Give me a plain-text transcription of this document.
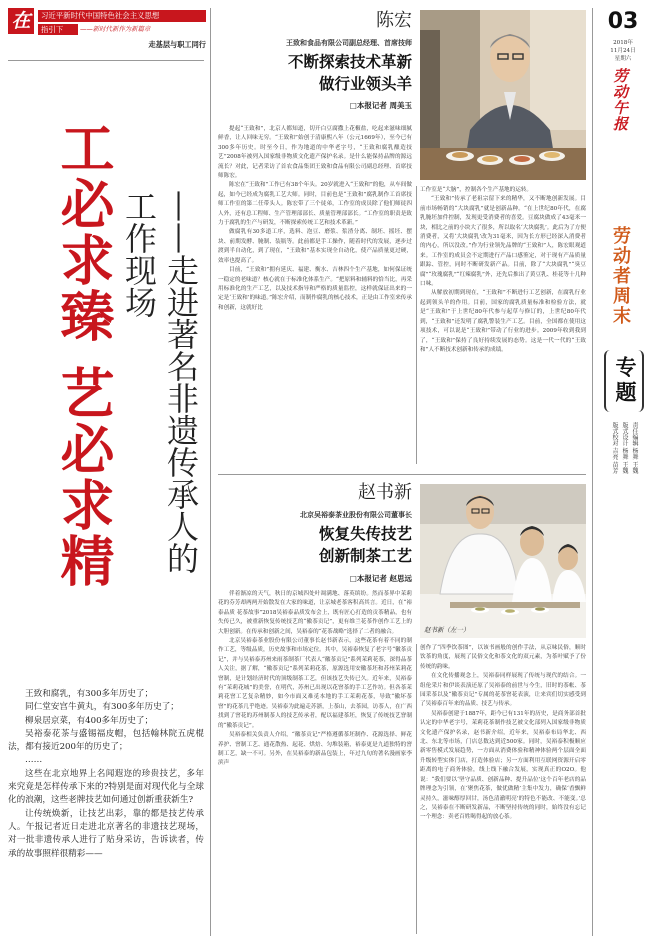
在	习近平新时代中国特色社会主义思想
指引下	——新时代新作为新篇章
走基层与职工同行
工必求臻 艺必求精	——走进著名非遗传承人的工作现场

王致和腐乳，有300多年历史了；

同仁堂安宫牛黄丸，有300多年历史了；

柳泉居京菜，有400多年历史了；

吴裕泰花茶与盛锡福皮帽，包括翰林院五虎棍法，都有接近200年的历史了；

……

这些在北京地界上名闻遐迩的珍贵技艺，多年来究竟是怎样传承下来的?特别是面对现代化与全球化的浪潮，这些老牌技艺如何通过创新重获新生?

让传统焕新，让技艺出彩，靠的都是技艺传承人。午报记者近日走进北京著名的非遗技艺现场，对一批非遗传承人进行了贴身采访，告诉读者，传承的故事照样很精彩——

陈宏
王致和食品有限公司副总经理、首席技师
不断探索技术革新
做行业领头羊
□本报记者 周美玉

提起“王致和”，北京人都知道，切开白豆腐撒上花椒盐，吃起来滋味细腻鲜香，让人回味无穷。“王致和”始创于清康熙八年（公元1669年），至今已有300多年历史。时至今日，作为地道的中华老字号，“王致和腐乳酿造技艺”2008年被列入国家级非物质文化遗产保护名录。是什么能保持品牌的源远流长？对此，记者采访了首农食品集团王致和食品有限公司副总经理、首席技师陈宏。

陈宏在“王致和”工作已有38个年头。20岁就进入“王致和”的他，从车间做起，如今已经成为腐乳工艺大师。同时，目前也是“王致和”腐乳制作工首席技师工作室的第二任带头人。陈宏带了三个徒弟，工作室的成员除了他们师徒四人外，还有总工程师、生产管理部部长、质量管理部部长。“工作室的职责是致力于腐乳的生产与研发，不断探索传统工艺和技术革新。”

做腐乳有30多道工序，选料、泡豆、磨浆、浆渣分离、制坯、摇坯、摆块、前期发酵、腌制、装瓶等。此前都是手工操作，随着时代的发展，逐步过渡到半自动化，到了现在，“王致和”基本实现全自动化，使产品质量更过硬，效率也提高了。

目前，“王致和”拥有延庆、福建、衡水、吉林四个生产基地，如何保证统一稳定的老味道？核心就在于标准化体系生产。“把原料和辅料的恰当比，再采用标准化的生产工艺，以及技术指导和严格的质量监控，这样就保证出来的一定是‘王致和’的味道。”陈宏介绍，而制作腐乳的核心技术，正是由工作室来传承和创新，这就好比

工作室是“大脑”，控制各个生产基地的运转。

“王致和”传承了老祖宗留下来的精华，又不断地创新发展。目前市场畅销的“大块腐乳”就是创新品种。“在上世纪80年代，在腐乳腌坯加件控制，发现更受消费者的喜爱。豆腐块做成了43毫米一块，相比之前的小块大了很多，所以取名‘大块腐乳’。此后为了方便消费者，又将‘大块腐乳’改为31毫米，因为长方形已经深入消费者的内心，所以没改。”作为行业领先品牌的“王致和”人，陈宏眼观道来。工作室的成员会不定期进行产品口感鉴定，对于现有产品质量跟踪、管控，同时不断研发新产品。目前，除了“大块腐乳”“臭豆腐”“玫瑰腐乳”“红辣腐乳”外，还先后推出了黄豆乳、桂花等十几种口味。

从解放初期到现在，“王致和”不断进行工艺创新，在腐乳行业起到领头羊的作用。目前，国家的腐乳质量标准和检验方法，就是“王致和”于上世纪80年代参与起草与修订的，上世纪80年代到，“王致和”还发明了腐乳警装生产工艺。目前，全国都在使用这项技术，可以说是“王致和”带动了行业的进步。2009年收到我到了，“王致和”保持了良好持续发展的态势。这是一代一代的“王致和”人不断技术创新和传承的成绩。

赵书新
北京吴裕泰茶业股份有限公司董事长
恢复失传技艺
创新制茶工艺
□本报记者 赵思远
赵书新（左一）

伴着渐凉的天气，秋日的京城四处叶凋满地、落英缤纷。然而茶界中茉莉花的芬芳却两两开始散发在大家的味道，让京城老茶客积高其言。近日，在“裕泰品质 花茶故事”2018吴裕泰品质发布会上，既有匠心打造的贡茶精品，也有失传已久，被重新恢复传统技艺的“徽茶贡记”，更有维兰花茶作创作工艺上的大胆创新。在传承和创新之间，吴裕泰的“花茶战略”选择了二者的融合。

北京吴裕泰茶业股份有限公司董事长赵书新表示，这些花茶有着不同的制作工艺，等级品质，历史故事和市场定位。其中，吴裕泰恢复了老字号“徽茶贡记”，并与吴裕泰苏州来雨茶制茶厂代表人“徽茶贡记”系列茉莉花茶，深得品茶人关注，据了解，“徽茶贡记”系列茉莉花茶，原源选用安徽茶坯和苏州茉莉花窨制，是计划经济时代的顶级制茶工艺，但该技艺失传已久。近年来，吴裕泰有“茉莉花城”的美誉，在明代，苏州已出现以花窨茶的手工艺作坊。但各茶茉莉花窨工艺复杂精妙，如今市面又难觅本地的手工茉莉花茶，导致“徽坏茶窨”的花茶几乎绝迹。吴裕泰为此遍走苏浙，上茶山，去茶园，访茶人，在广西找到了窨花的苏州制茶人的技艺传承者，配以福建茶坯，恢复了传统技艺窨制的“徽茶贡记”。

吴裕泰相关负责人介绍，“徽茶贡记”严格遵循茶坯制作、花源选择、鲜花养护、窨制工艺、通花散热、起花、烘焙、匀堆装箱，裕泰更是九道独特的窨制工艺，缺一不可。另外，在吴裕泰的新品包装上，年过九旬的著名漫画家李滨声

创作了“四季饮茶图”，以该书画般的创作手法，从京味民俗，顺时饮茶的角度，展现了民俗文化和茶文化的双元素，为茶叶赋予了份传统的韵味。

在文化传播观念上，吴裕泰同样展现了传统与现代的结合。一组伦采片和伊谈表演还原了吴裕泰的前世与今生，旧时的茶帐、茶园采茶以及“徽茶贡记”专属的花茶窨花表演，让来宾们切实感受到了吴裕泰百年来的品质、技艺与传承。

吴裕泰创建于1887年，距今已有131年的历史，是商务部首批认定的中华老字号，茉莉花茶制作技艺被文化部列入国家级非物质文化遗产保护名录，赵书新介绍，近年来，吴裕泰布局华北、西北、东北等市场，门店总数达到近500家。同时，吴裕泰积极顺应新零售模式发展趋势，一方面从消费体验和精神体验两个层面全面升级转型实体门店，打造体验店；另一方面利用互联网资源开启零距离的电子商务体验，线上线下融合发展，实现真正的O2O。他说：“我们要以‘坚守品质、创新品种、提升品位’这个百年老店的品牌理念为引领，在‘聚焦花茶，做优做精’主集中发力，确保‘香飘鲜灵持久，滋味醇厚回甘，汤色清澈明亮’的特色不能改、不能变。’总之，吴裕泰在不断研发新品，不断坚持传统的同时，始终没有忘记一个理念：卖老百姓喝得起的放心茶。

03
2018年
11月24日
星期六
劳动午报
劳动者周末
专题
责任编辑 杨舞 王魏
版式设计 杨舞 王魏
版式校对 吉亮 苗芳
